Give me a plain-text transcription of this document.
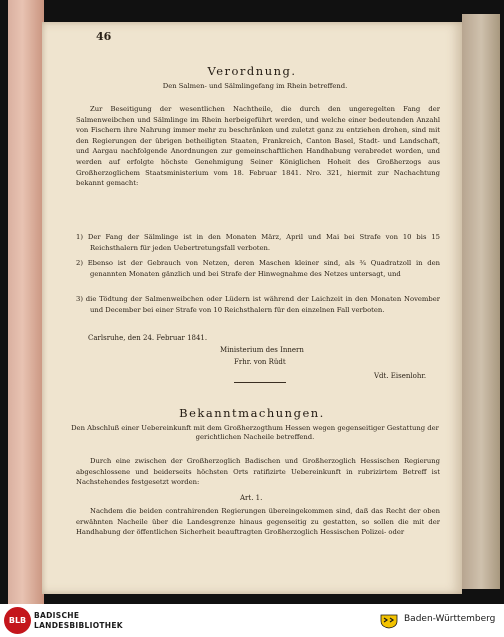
46

Verordnung.

Den Salmen- und Sälmlingefang im Rhein betreffend.

Zur Beseitigung der wesentlichen Nachtheile, die durch den ungeregelten Fang der Salmenweibchen und Sälmlinge im Rhein herbeigeführt werden, und welche einer bedeutenden Anzahl von Fischern ihre Nahrung immer mehr zu beschränken und zuletzt ganz zu entziehen drohen, sind mit den Regierungen der übrigen betheiligten Staaten, Frankreich, Canton Basel, Stadt- und Landschaft, und Aargau nachfolgende Anordnungen zur gemeinschaftlichen Handhabung verabredet worden, und werden auf erfolgte höchste Genehmigung Seiner Königlichen Hoheit des Großherzogs aus Großherzoglichem Staatsministerium vom 18. Februar 1841. Nro. 321, hiermit zur Nachachtung bekannt gemacht:

1) Der Fang der Sälmlinge ist in den Monaten März, April und Mai bei Strafe von 10 bis 15 Reichsthalern für jeden Uebertretungsfall verboten.

2) Ebenso ist der Gebrauch von Netzen, deren Maschen kleiner sind, als ¾ Quadratzoll in den genannten Monaten gänzlich und bei Strafe der Hinwegnahme des Netzes untersagt, und

3) die Tödtung der Salmenweibchen oder Lüdern ist während der Laichzeit in den Monaten November und December bei einer Strafe von 10 Reichsthalern für den einzelnen Fall verboten.

Carlsruhe, den 24. Februar 1841.

Ministerium des Innern

Frhr. von Rüdt

Vdt. Eisenlohr.

Bekanntmachungen.

Den Abschluß einer Uebereinkunft mit dem Großherzogthum Hessen wegen gegenseitiger Gestattung der gerichtlichen Nacheile betreffend.

Durch eine zwischen der Großherzoglich Badischen und Großherzoglich Hessischen Regierung abgeschlossene und beiderseits höchsten Orts ratifizirte Uebereinkunft in rubrizirtem Betreff ist Nachstehendes festgesetzt worden:

Art. 1.

Nachdem die beiden contrahirenden Regierungen übereingekommen sind, daß das Recht der oben erwähnten Nacheile über die Landesgrenze hinaus gegenseitig zu gestatten, so sollen die mit der Handhabung der öffentlichen Sicherheit beauftragten Großherzoglich Hessischen Polizei- oder

BLB

BADISCHE

LANDESBIBLIOTHEK

Baden-Württemberg
